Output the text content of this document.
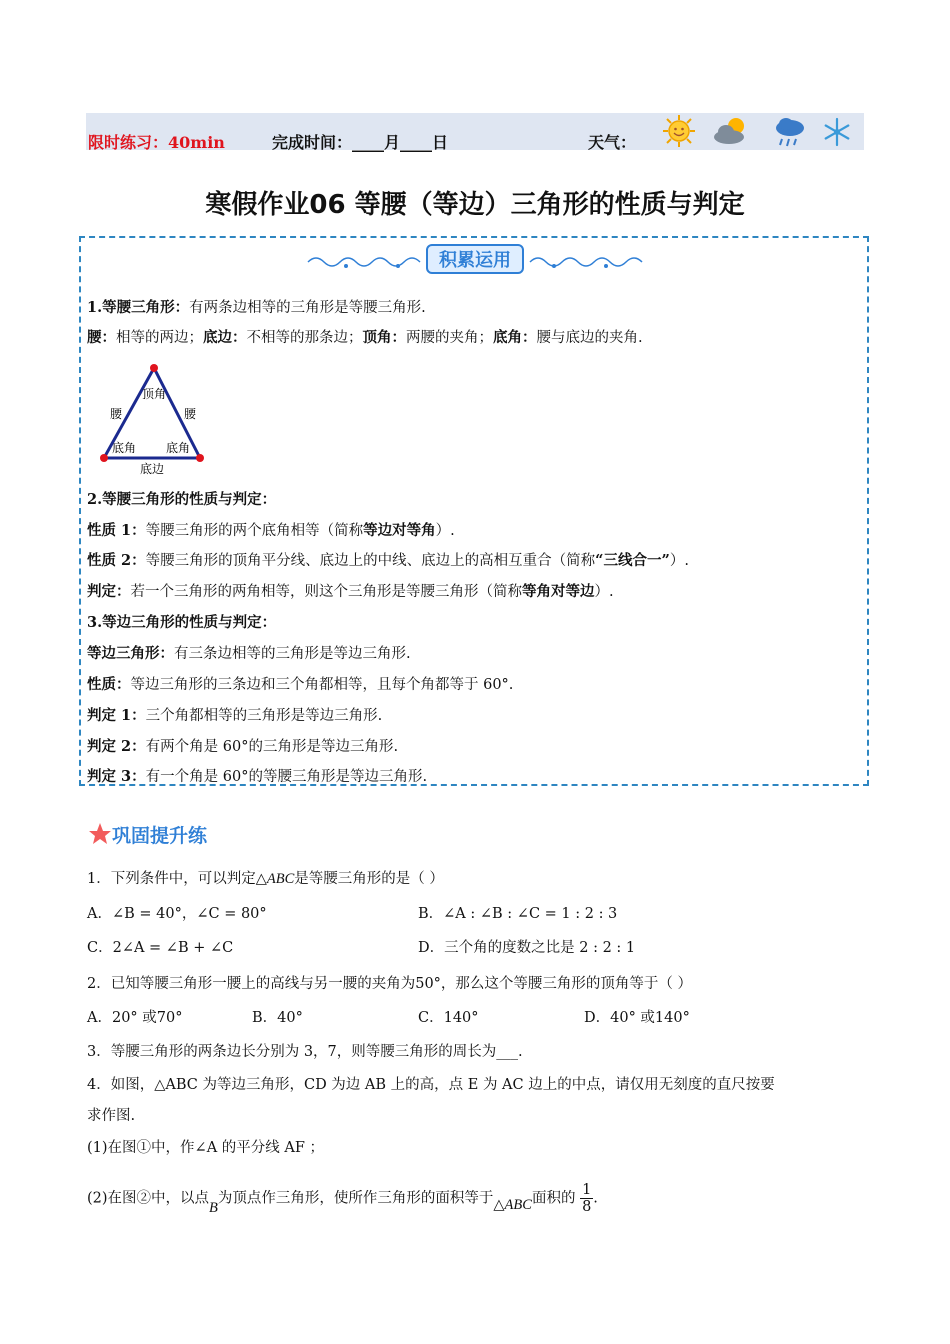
限时练习：40min	完成时间：____月____日	天气：
寒假作业06 等腰（等边）三角形的性质与判定
积累运用
1.等腰三角形：有两条边相等的三角形是等腰三角形.
腰：相等的两边；底边：不相等的那条边；顶角：两腰的夹角；底角：腰与底边的夹角.
顶角
腰	腰
底角 底角
底边
2.等腰三角形的性质与判定：
性质 1：等腰三角形的两个底角相等（简称等边对等角）.
性质 2：等腰三角形的顶角平分线、底边上的中线、底边上的高相互重合（简称“三线合一”）.
判定：若一个三角形的两角相等，则这个三角形是等腰三角形（简称等角对等边）.
3.等边三角形的性质与判定：
等边三角形：有三条边相等的三角形是等边三角形.
性质：等边三角形的三条边和三个角都相等，且每个角都等于 60°.
判定 1：三个角都相等的三角形是等边三角形.
判定 2：有两个角是 60°的三角形是等边三角形.
判定 3：有一个角是 60°的等腰三角形是等边三角形.
巩固提升练
1．下列条件中，可以判定△ABC是等腰三角形的是（ ）
A．∠B = 40°，∠C = 80°	B．∠A : ∠B : ∠C = 1 : 2 : 3
C．2∠A = ∠B + ∠C	D．三个角的度数之比是 2 : 2 : 1
2．已知等腰三角形一腰上的高线与另一腰的夹角为50°，那么这个等腰三角形的顶角等于（ ）
A．20° 或70°	B．40°	C．140°	D．40° 或140°
3．等腰三角形的两条边长分别为 3，7，则等腰三角形的周长为___.
4．如图，△ABC 为等边三角形，CD 为边 AB 上的高，点 E 为 AC 边上的中点，请仅用无刻度的直尺按要
求作图.
(1)在图①中，作∠A 的平分线 AF ；
(2)在图②中，以点B为顶点作三角形，使所作三角形的面积等于△ABC面积的 $\frac{1}{8}$ .
